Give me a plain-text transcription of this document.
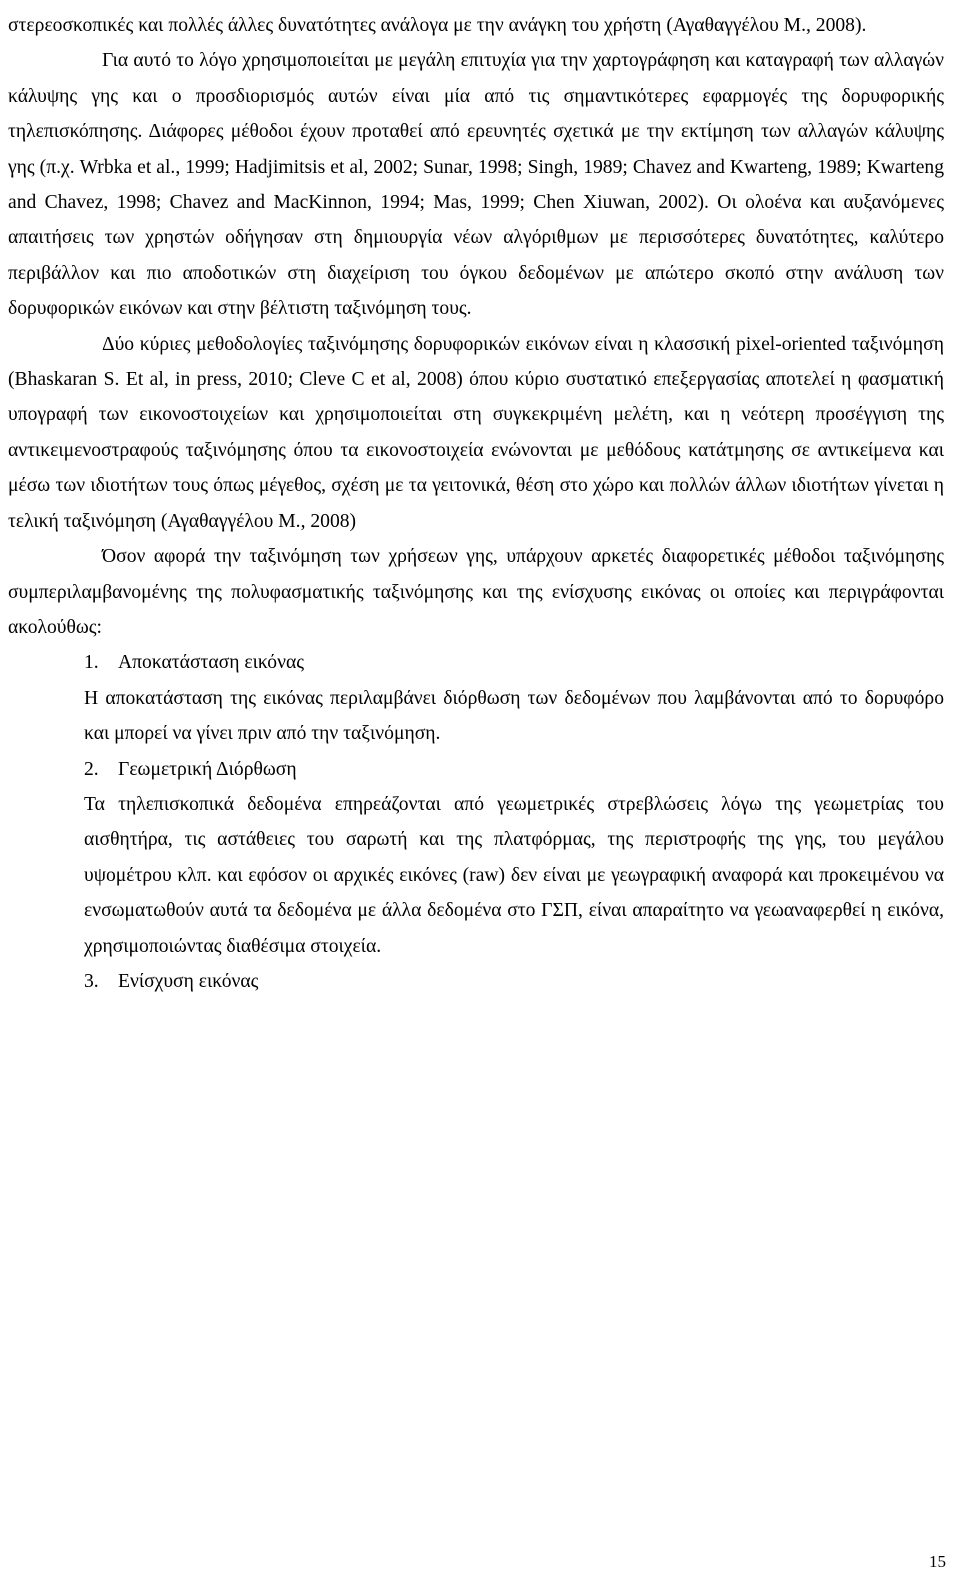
στερεοσκοπικές και πολλές άλλες δυνατότητες ανάλογα με την ανάγκη του χρήστη (Αγαθαγγέλου Μ., 2008).

Για αυτό το λόγο χρησιμοποιείται με μεγάλη επιτυχία για την χαρτογράφηση και καταγραφή των αλλαγών κάλυψης γης και ο προσδιορισμός αυτών είναι μία από τις σημαντικότερες εφαρμογές της δορυφορικής τηλεπισκόπησης. Διάφορες μέθοδοι έχουν προταθεί από ερευνητές σχετικά με την εκτίμηση των αλλαγών κάλυψης γης (π.χ. Wrbka et al., 1999; Hadjimitsis et al, 2002; Sunar, 1998; Singh, 1989; Chavez and Kwarteng, 1989; Kwarteng and Chavez, 1998; Chavez and MacKinnon, 1994; Mas, 1999; Chen Xiuwan, 2002). Οι ολοένα και αυξανόμενες απαιτήσεις των χρηστών οδήγησαν στη δημιουργία νέων αλγόριθμων με περισσότερες δυνατότητες, καλύτερο περιβάλλον και πιο αποδοτικών στη διαχείριση του όγκου δεδομένων με απώτερο σκοπό στην ανάλυση των δορυφορικών εικόνων και στην βέλτιστη ταξινόμηση τους.

Δύο κύριες μεθοδολογίες ταξινόμησης δορυφορικών εικόνων είναι η κλασσική pixel-oriented ταξινόμηση (Bhaskaran S. Et al, in press, 2010; Cleve C et al, 2008) όπου κύριο συστατικό επεξεργασίας αποτελεί η φασματική υπογραφή των εικονοστοιχείων και χρησιμοποιείται στη συγκεκριμένη μελέτη, και η νεότερη προσέγγιση της αντικειμενοστραφούς ταξινόμησης όπου τα εικονοστοιχεία ενώνονται με μεθόδους κατάτμησης σε αντικείμενα και μέσω των ιδιοτήτων τους όπως μέγεθος, σχέση με τα γειτονικά, θέση στο χώρο και πολλών άλλων ιδιοτήτων γίνεται η τελική ταξινόμηση (Αγαθαγγέλου Μ., 2008)

Όσον αφορά την ταξινόμηση των χρήσεων γης, υπάρχουν αρκετές διαφορετικές μέθοδοι ταξινόμησης συμπεριλαμβανομένης της πολυφασματικής ταξινόμησης και της ενίσχυσης εικόνας οι οποίες και περιγράφονται ακολούθως:

1. Αποκατάσταση εικόνας

Η αποκατάσταση της εικόνας περιλαμβάνει διόρθωση των δεδομένων που λαμβάνονται από το δορυφόρο και μπορεί να γίνει πριν από την ταξινόμηση.

2. Γεωμετρική Διόρθωση

Τα τηλεπισκοπικά δεδομένα επηρεάζονται από γεωμετρικές στρεβλώσεις λόγω της γεωμετρίας του αισθητήρα, τις αστάθειες του σαρωτή και της πλατφόρμας, της περιστροφής της γης, του μεγάλου υψομέτρου κλπ. και εφόσον οι αρχικές εικόνες (raw) δεν είναι με γεωγραφική αναφορά και προκειμένου να ενσωματωθούν αυτά τα δεδομένα με άλλα δεδομένα στο ΓΣΠ, είναι απαραίτητο να γεωαναφερθεί η εικόνα, χρησιμοποιώντας διαθέσιμα στοιχεία.

3. Ενίσχυση εικόνας
15
